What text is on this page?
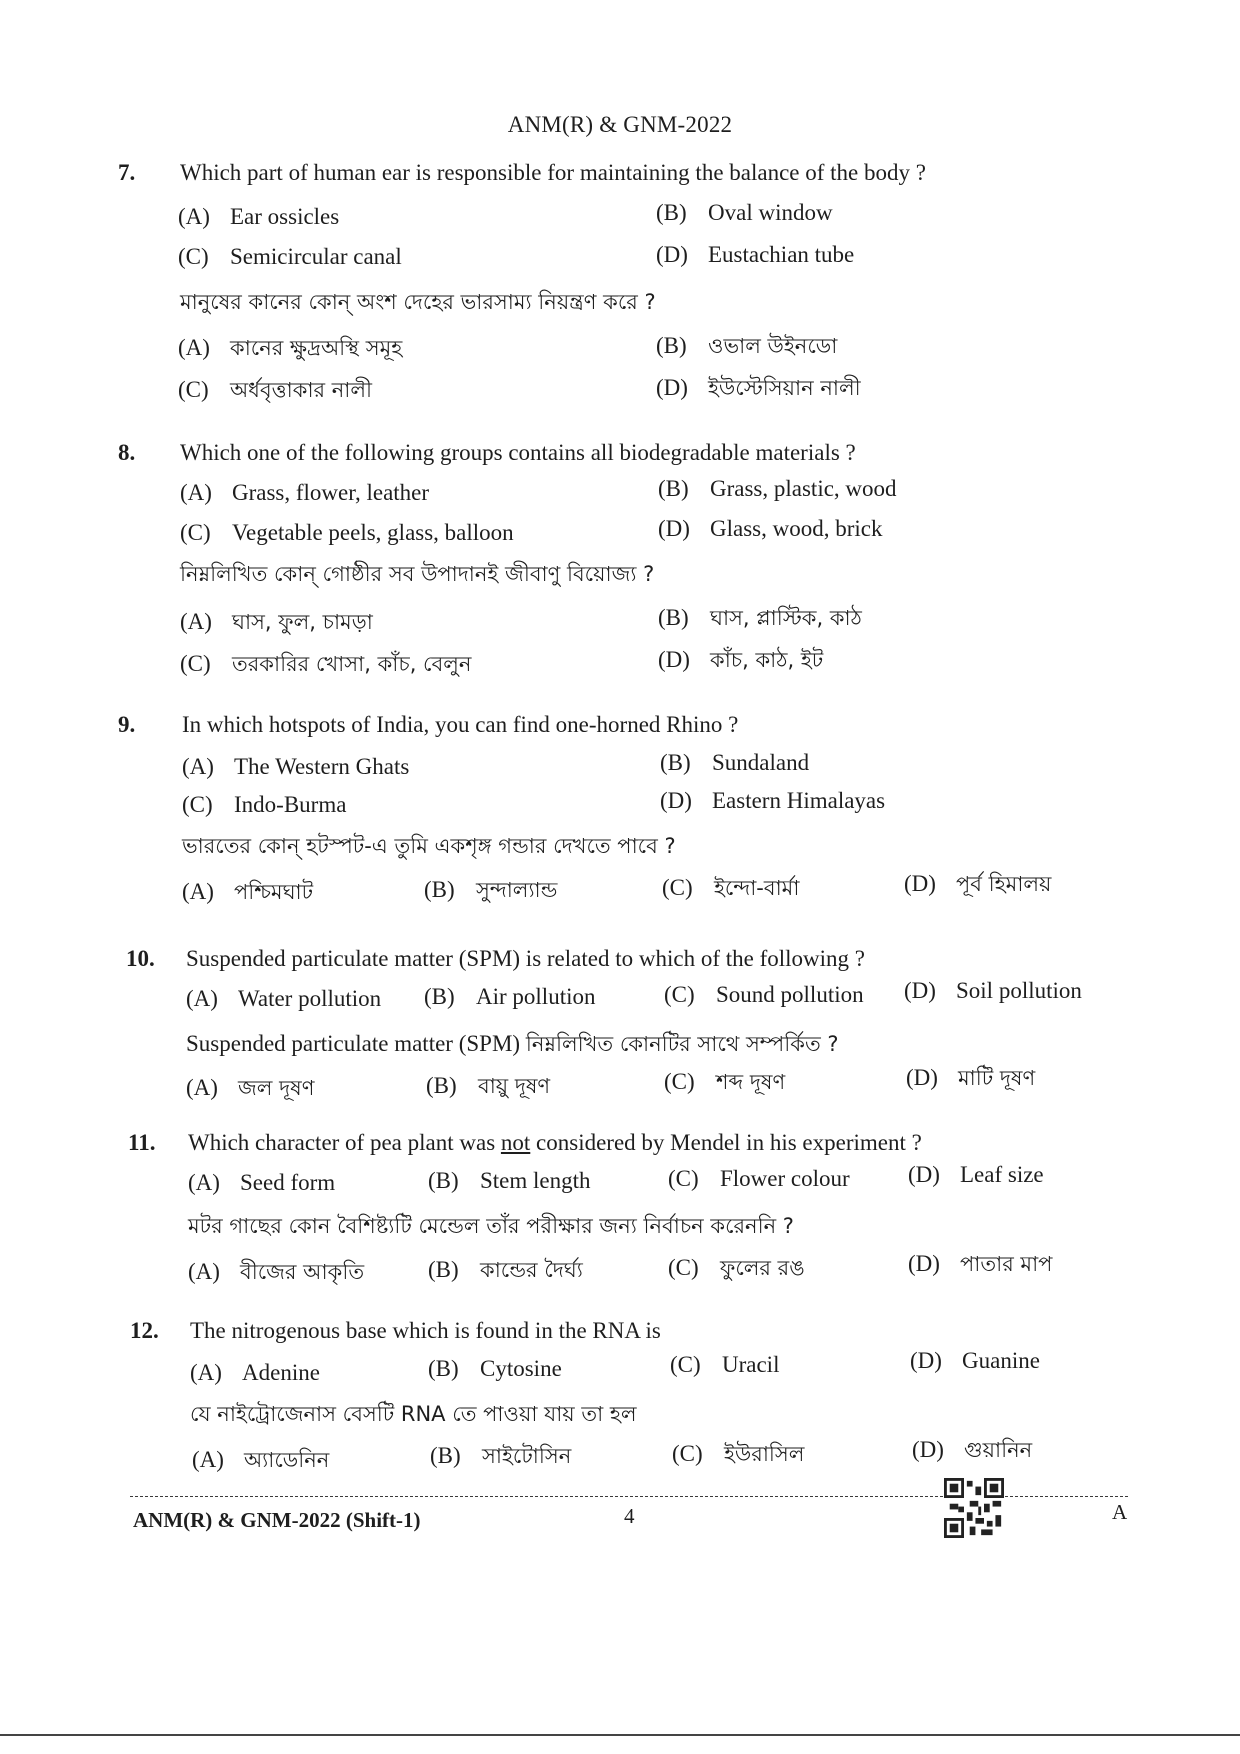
ANM(R) & GNM-2022
7. Which part of human ear is responsible for maintaining the balance of the body ?
(A) Ear ossicles	(B) Oval window
(C) Semicircular canal	(D) Eustachian tube
মানুষের কানের কোন্ অংশ দেহের ভারসাম্য নিয়ন্ত্রণ করে ?
(A) কানের ক্ষুদ্রঅস্থি সমূহ	(B) ওভাল উইনডো
(C) অর্ধবৃত্তাকার নালী	(D) ইউস্টেসিয়ান নালী
8. Which one of the following groups contains all biodegradable materials ?
(A) Grass, flower, leather	(B) Grass, plastic, wood
(C) Vegetable peels, glass, balloon	(D) Glass, wood, brick
নিম্নলিখিত কোন্ গোষ্ঠীর সব উপাদানই জীবাণু বিয়োজ্য ?
(A) ঘাস, ফুল, চামড়া	(B) ঘাস, প্লাস্টিক, কাঠ
(C) তরকারির খোসা, কাঁচ, বেলুন	(D) কাঁচ, কাঠ, ইট
9. In which hotspots of India, you can find one-horned Rhino ?
(A) The Western Ghats	(B) Sundaland
(C) Indo-Burma	(D) Eastern Himalayas
ভারতের কোন্ হটস্পট-এ তুমি একশৃঙ্গ গন্ডার দেখতে পাবে ?
(A) পশ্চিমঘাট	(B) সুন্দাল্যান্ড	(C) ইন্দো-বার্মা	(D) পূর্ব হিমালয়
10. Suspended particulate matter (SPM) is related to which of the following ?
(A) Water pollution (B) Air pollution	(C) Sound pollution (D) Soil pollution
Suspended particulate matter (SPM) নিম্নলিখিত কোনটির সাথে সম্পর্কিত ?
(A) জল দূষণ	(B) বায়ু দূষণ	(C) শব্দ দূষণ	(D) মাটি দূষণ
11. Which character of pea plant was not considered by Mendel in his experiment ?
(A) Seed form	(B) Stem length	(C) Flower colour	(D) Leaf size
মটর গাছের কোন বৈশিষ্ট্যটি মেন্ডেল তাঁর পরীক্ষার জন্য নির্বাচন করেননি ?
(A) বীজের আকৃতি	(B) কান্ডের দৈর্ঘ্য	(C) ফুলের রঙ	(D) পাতার মাপ
12. The nitrogenous base which is found in the RNA is
(A) Adenine	(B) Cytosine	(C) Uracil	(D) Guanine
যে নাইট্রোজেনাস বেসটি RNA তে পাওয়া যায় তা হল
(A) অ্যাডেনিন	(B) সাইটোসিন	(C) ইউরাসিল	(D) গুয়ানিন
ANM(R) & GNM-2022 (Shift-1)	4	A
